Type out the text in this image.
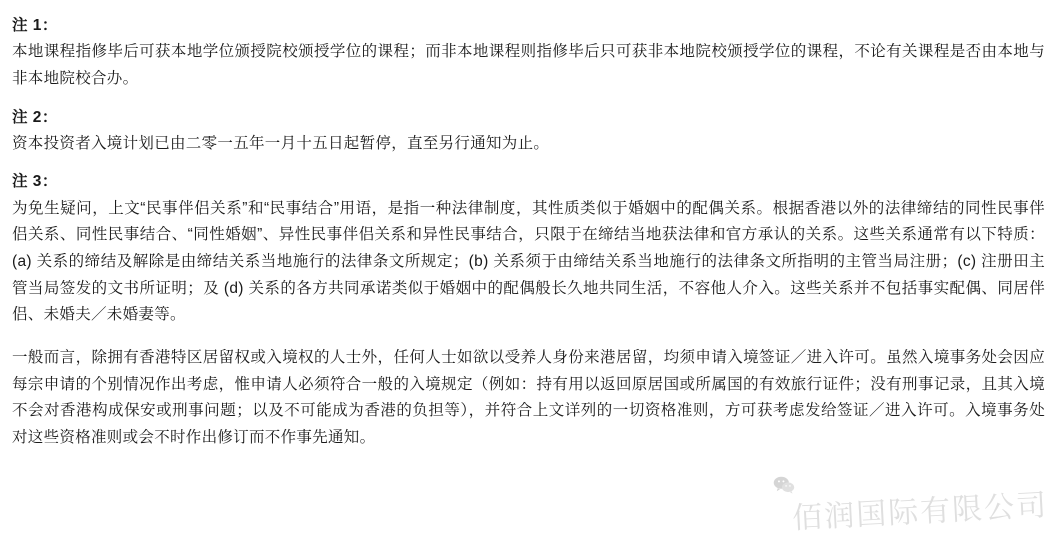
注 1：
本地课程指修毕后可获本地学位颁授院校颁授学位的课程；而非本地课程则指修毕后只可获非本地院校颁授学位的课程，不论有关课程是否由本地与非本地院校合办。
注 2：
资本投资者入境计划已由二零一五年一月十五日起暂停，直至另行通知为止。
注 3：
为免生疑问，上文“民事伴侣关系”和“民事结合”用语，是指一种法律制度，其性质类似于婚姻中的配偶关系。根据香港以外的法律缔结的同性民事伴侣关系、同性民事结合、“同性婚姻”、异性民事伴侣关系和异性民事结合，只限于在缔结当地获法律和官方承认的关系。这些关系通常有以下特质：(a) 关系的缔结及解除是由缔结关系当地施行的法律条文所规定；(b) 关系须于由缔结关系当地施行的法律条文所指明的主管当局注册；(c) 注册田主管当局签发的文书所证明；及 (d) 关系的各方共同承诺类似于婚姻中的配偶般长久地共同生活，不容他人介入。这些关系并不包括事实配偶、同居伴侣、未婚夫／未婚妻等。
一般而言，除拥有香港特区居留权或入境权的人士外，任何人士如欲以受养人身份来港居留，均须申请入境签证／进入许可。虽然入境事务处会因应每宗申请的个别情况作出考虑，惟申请人必须符合一般的入境规定（例如：持有用以返回原居国或所属国的有效旅行证件；没有刑事记录，且其入境不会对香港构成保安或刑事问题；以及不可能成为香港的负担等），并符合上文详列的一切资格准则，方可获考虑发给签证／进入许可。入境事务处对这些资格准则或会不时作出修订而不作事先通知。
佰润国际有限公司
